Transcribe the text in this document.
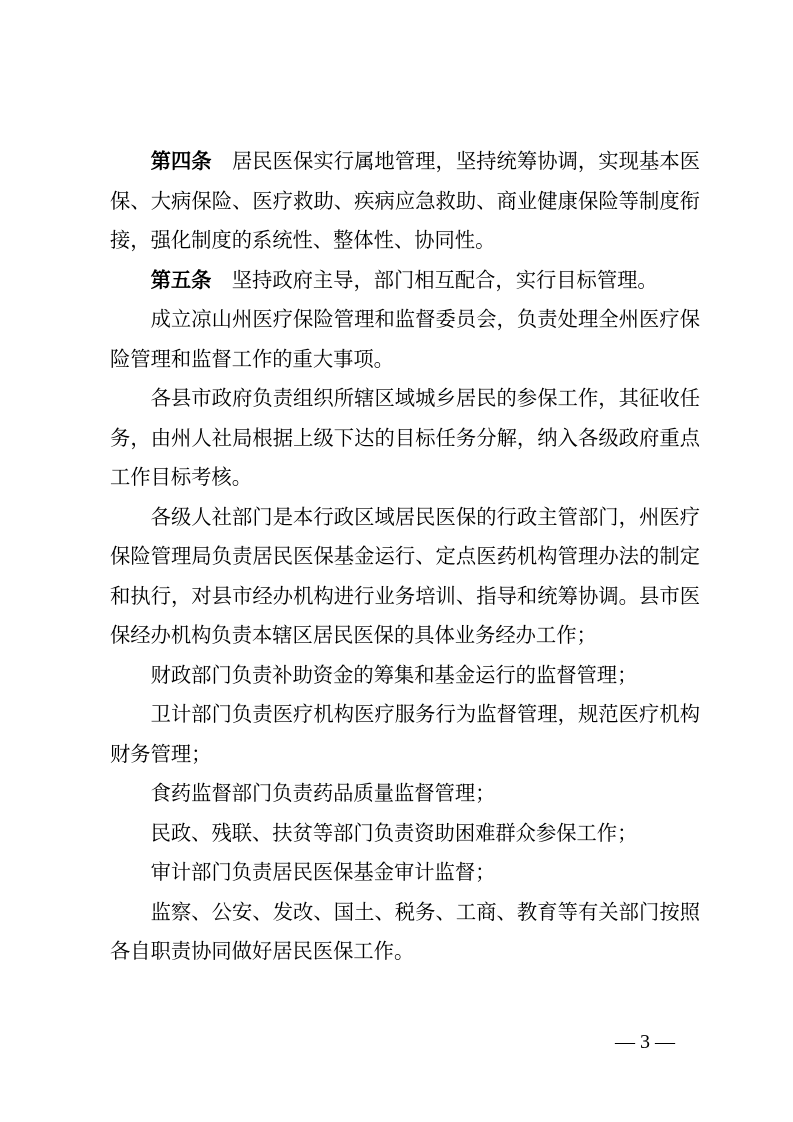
第四条 居民医保实行属地管理，坚持统筹协调，实现基本医保、大病保险、医疗救助、疾病应急救助、商业健康保险等制度衔接，强化制度的系统性、整体性、协同性。

第五条 坚持政府主导，部门相互配合，实行目标管理。

成立凉山州医疗保险管理和监督委员会，负责处理全州医疗保险管理和监督工作的重大事项。

各县市政府负责组织所辖区域城乡居民的参保工作，其征收任务，由州人社局根据上级下达的目标任务分解，纳入各级政府重点工作目标考核。

各级人社部门是本行政区域居民医保的行政主管部门，州医疗保险管理局负责居民医保基金运行、定点医药机构管理办法的制定和执行，对县市经办机构进行业务培训、指导和统筹协调。县市医保经办机构负责本辖区居民医保的具体业务经办工作；

财政部门负责补助资金的筹集和基金运行的监督管理；

卫计部门负责医疗机构医疗服务行为监督管理，规范医疗机构财务管理；

食药监督部门负责药品质量监督管理；

民政、残联、扶贫等部门负责资助困难群众参保工作；

审计部门负责居民医保基金审计监督；

监察、公安、发改、国土、税务、工商、教育等有关部门按照各自职责协同做好居民医保工作。

— 3 —
